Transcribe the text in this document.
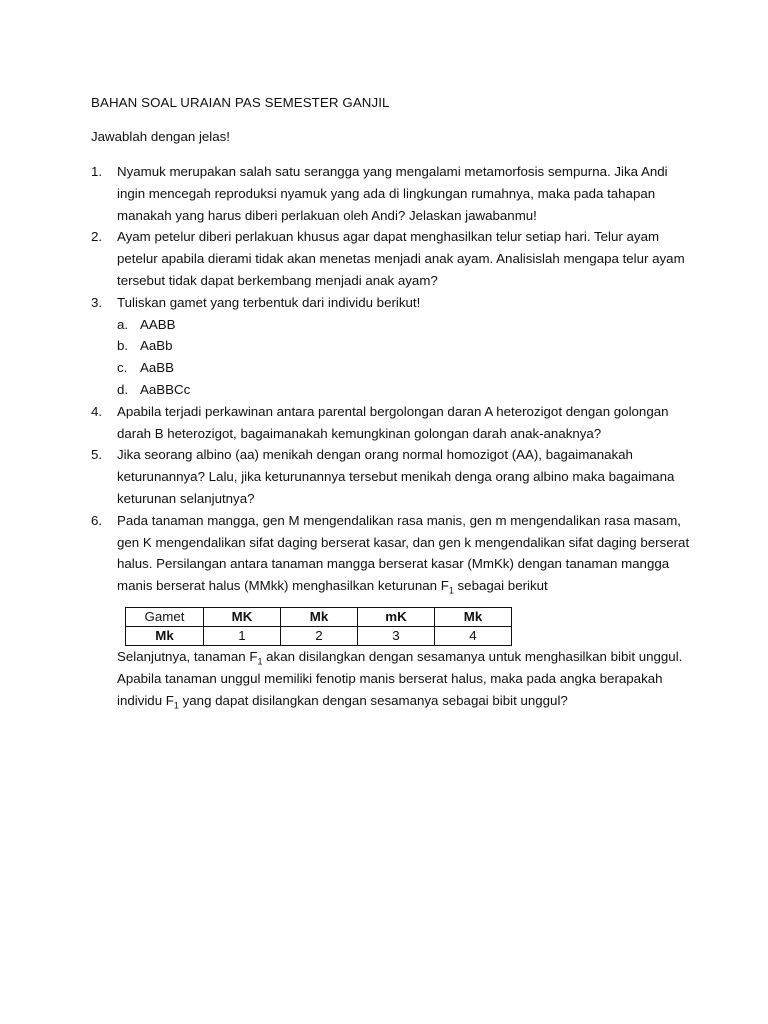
BAHAN SOAL URAIAN PAS SEMESTER GANJIL
Jawablah dengan jelas!
1.	Nyamuk merupakan salah satu serangga yang mengalami metamorfosis sempurna. Jika Andi ingin mencegah reproduksi nyamuk yang ada di lingkungan rumahnya, maka pada tahapan manakah yang harus diberi perlakuan oleh Andi? Jelaskan jawabanmu!
2.	Ayam petelur diberi perlakuan khusus agar dapat menghasilkan telur setiap hari. Telur ayam petelur apabila dierami tidak akan menetas menjadi anak ayam. Analisislah mengapa telur ayam tersebut tidak dapat berkembang menjadi anak ayam?
3.	Tuliskan gamet yang terbentuk dari individu berikut!
a. AABB
b. AaBb
c. AaBB
d. AaBBCc
4.	Apabila terjadi perkawinan antara parental bergolongan daran A heterozigot dengan golongan darah B heterozigot, bagaimanakah kemungkinan golongan darah anak-anaknya?
5.	Jika seorang albino (aa) menikah dengan orang normal homozigot (AA), bagaimanakah keturunannya? Lalu, jika keturunannya tersebut menikah denga orang albino maka bagaimana keturunan selanjutnya?
6.	Pada tanaman mangga, gen M mengendalikan rasa manis, gen m mengendalikan rasa masam, gen K mengendalikan sifat daging berserat kasar, dan gen k mengendalikan sifat daging berserat halus. Persilangan antara tanaman mangga berserat kasar (MmKk) dengan tanaman mangga manis berserat halus (MMkk) menghasilkan keturunan $F_1$ sebagai berikut
Gamet	MK	Mk	mK	Mk
Mk	1	2	3	4
Selanjutnya, tanaman $F_1$ akan disilangkan dengan sesamanya untuk menghasilkan bibit unggul. Apabila tanaman unggul memiliki fenotip manis berserat halus, maka pada angka berapakah individu $F_1$ yang dapat disilangkan dengan sesamanya sebagai bibit unggul?
